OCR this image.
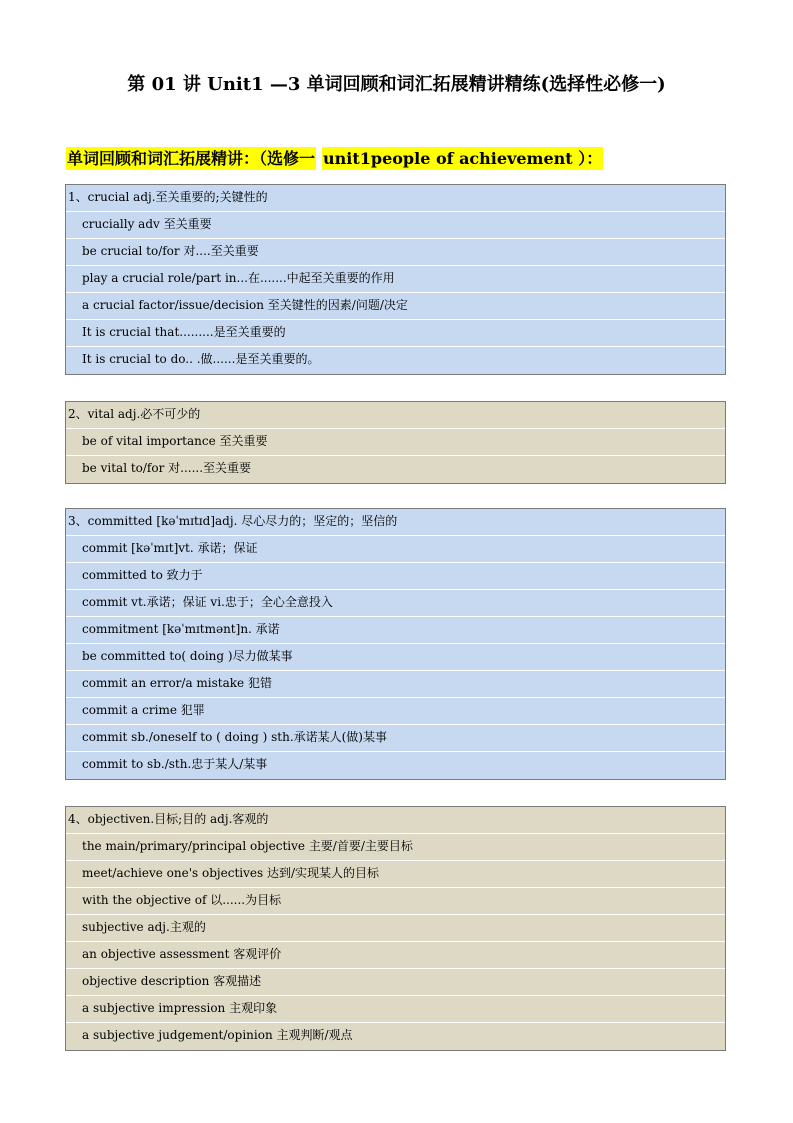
第 01 讲 Unit1 —3 单词回顾和词汇拓展精讲精练(选择性必修一)
单词回顾和词汇拓展精讲：（选修一 unit1people of achievement ）：
1、crucial adj.至关重要的;关键性的
crucially adv 至关重要
be crucial to/for 对....至关重要
play a crucial role/part in...在.......中起至关重要的作用
a crucial factor/issue/decision 至关键性的因素/问题/决定
It is crucial that.........是至关重要的
It is crucial to do.. .做......是至关重要的。
2、vital adj.必不可少的
be of vital importance 至关重要
be vital to/for 对......至关重要
3、committed [kəˈmɪtɪd]adj. 尽心尽力的；坚定的；坚信的
commit [kəˈmɪt]vt. 承诺；保证
committed to 致力于
commit vt.承诺；保证 vi.忠于；全心全意投入
commitment [kəˈmɪtmənt]n. 承诺
be committed to( doing )尽力做某事
commit an error/a mistake 犯错
commit a crime 犯罪
commit sb./oneself to ( doing ) sth.承诺某人(做)某事
commit to sb./sth.忠于某人/某事
4、objectiven.目标;目的 adj.客观的
the main/primary/principal objective 主要/首要/主要目标
meet/achieve one's objectives 达到/实现某人的目标
with the objective of 以......为目标
subjective adj.主观的
an objective assessment 客观评价
objective description 客观描述
a subjective impression 主观印象
a subjective judgement/opinion 主观判断/观点
